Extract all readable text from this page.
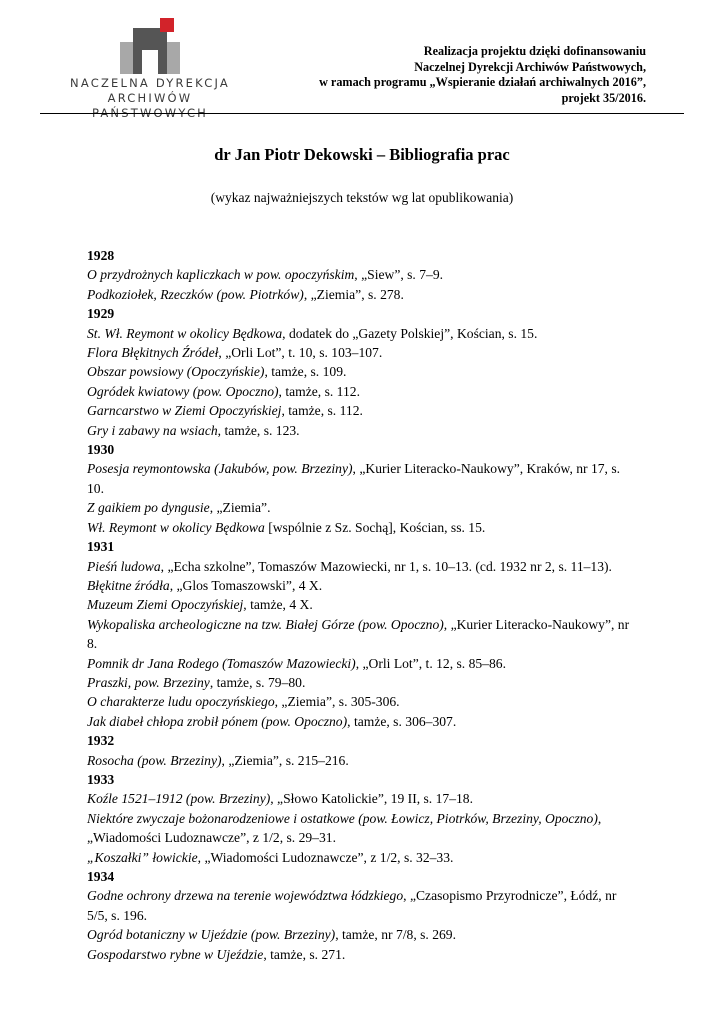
NACZELNA DYREKCJA
ARCHIWÓW PAŃSTWOWYCH
Realizacja projektu dzięki dofinansowaniu
Naczelnej Dyrekcji Archiwów Państwowych,
w ramach programu „Wspieranie działań archiwalnych 2016”,
projekt 35/2016.
dr Jan Piotr Dekowski – Bibliografia prac
(wykaz najważniejszych tekstów wg lat opublikowania)
1928
O przydrożnych kapliczkach w pow. opoczyńskim, „Siew”, s. 7–9.
Podkoziołek, Rzeczków (pow. Piotrków), „Ziemia”, s. 278.
1929
St. Wł. Reymont w okolicy Będkowa, dodatek do „Gazety Polskiej”, Kościan, s. 15.
Flora Błękitnych Źródeł, „Orli Lot”, t. 10, s. 103–107.
Obszar powsiowy (Opoczyńskie), tamże, s. 109.
Ogródek kwiatowy (pow. Opoczno), tamże, s. 112.
Garncarstwo w Ziemi Opoczyńskiej, tamże, s. 112.
Gry i zabawy na wsiach, tamże, s. 123.
1930
Posesja reymontowska (Jakubów, pow. Brzeziny), „Kurier Literacko-Naukowy”, Kraków, nr 17, s. 10.
Z gaikiem po dyngusie, „Ziemia”.
Wł. Reymont w okolicy Będkowa [wspólnie z Sz. Sochą], Kościan, ss. 15.
1931
Pieśń ludowa, „Echa szkolne”, Tomaszów Mazowiecki, nr 1, s. 10–13. (cd. 1932 nr 2, s. 11–13).
Błękitne źródła, „Glos Tomaszowski”, 4 X.
Muzeum Ziemi Opoczyńskiej, tamże, 4 X.
Wykopaliska archeologiczne na tzw. Białej Górze (pow. Opoczno), „Kurier Literacko-Naukowy”, nr 8.
Pomnik dr Jana Rodego (Tomaszów Mazowiecki), „Orli Lot”, t. 12, s. 85–86.
Praszki, pow. Brzeziny, tamże, s. 79–80.
O charakterze ludu opoczyńskiego, „Ziemia”, s. 305-306.
Jak diabeł chłopa zrobił pónem (pow. Opoczno), tamże, s. 306–307.
1932
Rosocha (pow. Brzeziny), „Ziemia”, s. 215–216.
1933
Koźle 1521–1912 (pow. Brzeziny), „Słowo Katolickie”, 19 II, s. 17–18.
Niektóre zwyczaje bożonarodzeniowe i ostatkowe (pow. Łowicz, Piotrków, Brzeziny, Opoczno), „Wiadomości Ludoznawcze”, z 1/2, s. 29–31.
„Koszałki” łowickie, „Wiadomości Ludoznawcze”, z 1/2, s. 32–33.
1934
Godne ochrony drzewa na terenie województwa łódzkiego, „Czasopismo Przyrodnicze”, Łódź, nr 5/5, s. 196.
Ogród botaniczny w Ujeździe (pow. Brzeziny), tamże, nr 7/8, s. 269.
Gospodarstwo rybne w Ujeździe, tamże, s. 271.
